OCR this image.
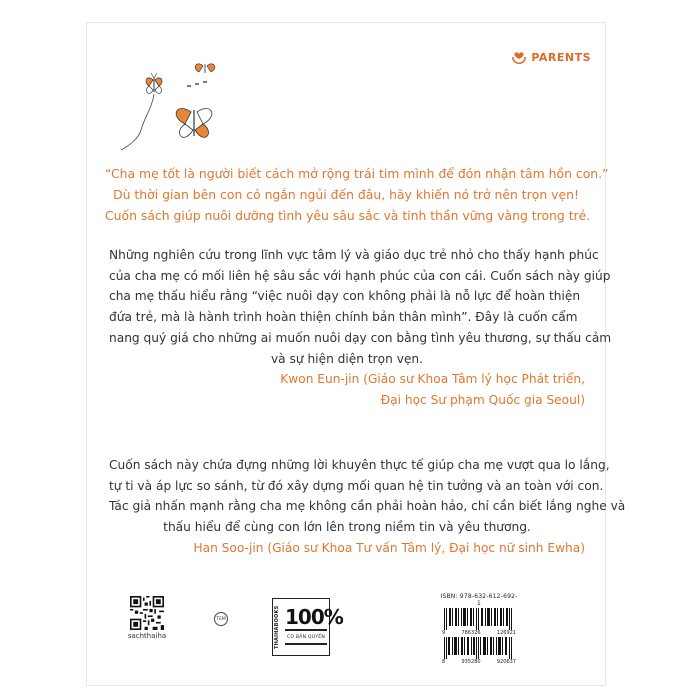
PARENTS
“Cha mẹ tốt là người biết cách mở rộng trái tim mình để đón nhận tâm hồn con.”
Dù thời gian bên con có ngắn ngủi đến đâu, hãy khiến nó trở nên trọn vẹn!
Cuốn sách giúp nuôi dưỡng tình yêu sâu sắc và tinh thần vững vàng trong trẻ.
Những nghiên cứu trong lĩnh vực tâm lý và giáo dục trẻ nhỏ cho thấy hạnh phúc
của cha mẹ có mối liên hệ sâu sắc với hạnh phúc của con cái. Cuốn sách này giúp
cha mẹ thấu hiểu rằng “việc nuôi dạy con không phải là nỗ lực để hoàn thiện
đứa trẻ, mà là hành trình hoàn thiện chính bản thân mình”. Đây là cuốn cẩm
nang quý giá cho những ai muốn nuôi dạy con bằng tình yêu thương, sự thấu cảm
và sự hiện diện trọn vẹn.
Kwon Eun-jin (Giáo sư Khoa Tâm lý học Phát triển,
Đại học Sư phạm Quốc gia Seoul)
Cuốn sách này chứa đựng những lời khuyên thực tế giúp cha mẹ vượt qua lo lắng,
tự ti và áp lực so sánh, từ đó xây dựng mối quan hệ tin tưởng và an toàn với con.
Tác giả nhấn mạnh rằng cha mẹ không cần phải hoàn hảo, chỉ cần biết lắng nghe và
thấu hiểu để cùng con lớn lên trong niềm tin và yêu thương.
Han Soo-jin (Giáo sư Khoa Tư vấn Tâm lý, Đại học nữ sinh Ewha)
sachthaiha
TEM	THAIHABOOKS 100%
CÓ BẢN QUYỀN
ISBN: 978-632-612-692-1
9	786326	126921
8	935280	920637
